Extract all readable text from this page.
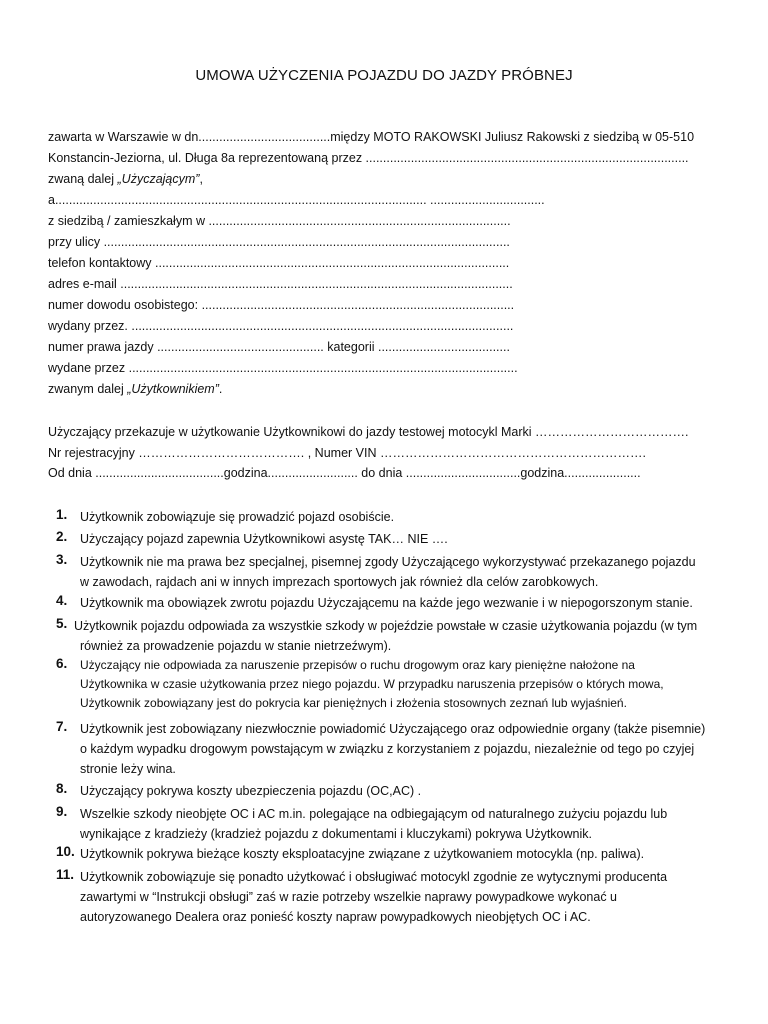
UMOWA UŻYCZENIA POJAZDU DO JAZDY PRÓBNEJ
zawarta w Warszawie w dn......................................między MOTO RAKOWSKI Juliusz Rakowski z siedzibą w 05-510
Konstancin-Jeziorna, ul. Długa 8a reprezentowaną przez .............................................................................................
zwaną dalej „Użyczającym”,
a........................................................................................................... .................................
z siedzibą / zamieszkałym w .......................................................................................
przy ulicy .....................................................................................................................
telefon kontaktowy ......................................................................................................
adres e-mail .................................................................................................................
numer dowodu osobistego: ..........................................................................................
wydany przez. ..............................................................................................................
numer prawa jazdy ................................................ kategorii ......................................
wydane przez ................................................................................................................
zwanym dalej „Użytkownikiem”.
Użyczający przekazuje w użytkowanie Użytkownikowi do jazdy testowej motocykl Marki ……………………………….
Nr rejestracyjny …………………………………. , Numer VIN ……………………………………………………….
Od dnia .....................................godzina.......................... do dnia .................................godzina......................
1.	Użytkownik zobowiązuje się prowadzić pojazd osobiście.
2.	Użyczający pojazd zapewnia Użytkownikowi asystę TAK… NIE ….
3.	Użytkownik nie ma prawa bez specjalnej, pisemnej zgody Użyczającego wykorzystywać przekazanego pojazdu
w zawodach, rajdach ani w innych imprezach sportowych jak również dla celów zarobkowych.
4.	Użytkownik ma obowiązek zwrotu pojazdu Użyczającemu na każde jego wezwanie i w niepogorszonym stanie.
5. Użytkownik pojazdu odpowiada za wszystkie szkody w pojeździe powstałe w czasie użytkowania pojazdu (w tym
również za prowadzenie pojazdu w stanie nietrzeźwym).
6.	Użyczający nie odpowiada za naruszenie przepisów o ruchu drogowym oraz kary pieniężne nałożone na
Użytkownika w czasie użytkowania przez niego pojazdu. W przypadku naruszenia przepisów o których mowa,
Użytkownik zobowiązany jest do pokrycia kar pieniężnych i złożenia stosownych zeznań lub wyjaśnień.
7.	Użytkownik jest zobowiązany niezwłocznie powiadomić Użyczającego oraz odpowiednie organy (także pisemnie)
o każdym wypadku drogowym powstającym w związku z korzystaniem z pojazdu, niezależnie od tego po czyjej
stronie leży wina.
8.	Użyczający pokrywa koszty ubezpieczenia pojazdu (OC,AC) .
9.	Wszelkie szkody nieobjęte OC i AC m.in. polegające na odbiegającym od naturalnego zużyciu pojazdu lub
wynikające z kradzieży (kradzież pojazdu z dokumentami i kluczykami) pokrywa Użytkownik.
10. Użytkownik pokrywa bieżące koszty eksploatacyjne związane z użytkowaniem motocykla (np. paliwa).
11. Użytkownik zobowiązuje się ponadto użytkować i obsługiwać motocykl zgodnie ze wytycznymi producenta
zawartymi w “Instrukcji obsługi” zaś w razie potrzeby wszelkie naprawy powypadkowe wykonać u
autoryzowanego Dealera oraz ponieść koszty napraw powypadkowych nieobjętych OC i AC.
